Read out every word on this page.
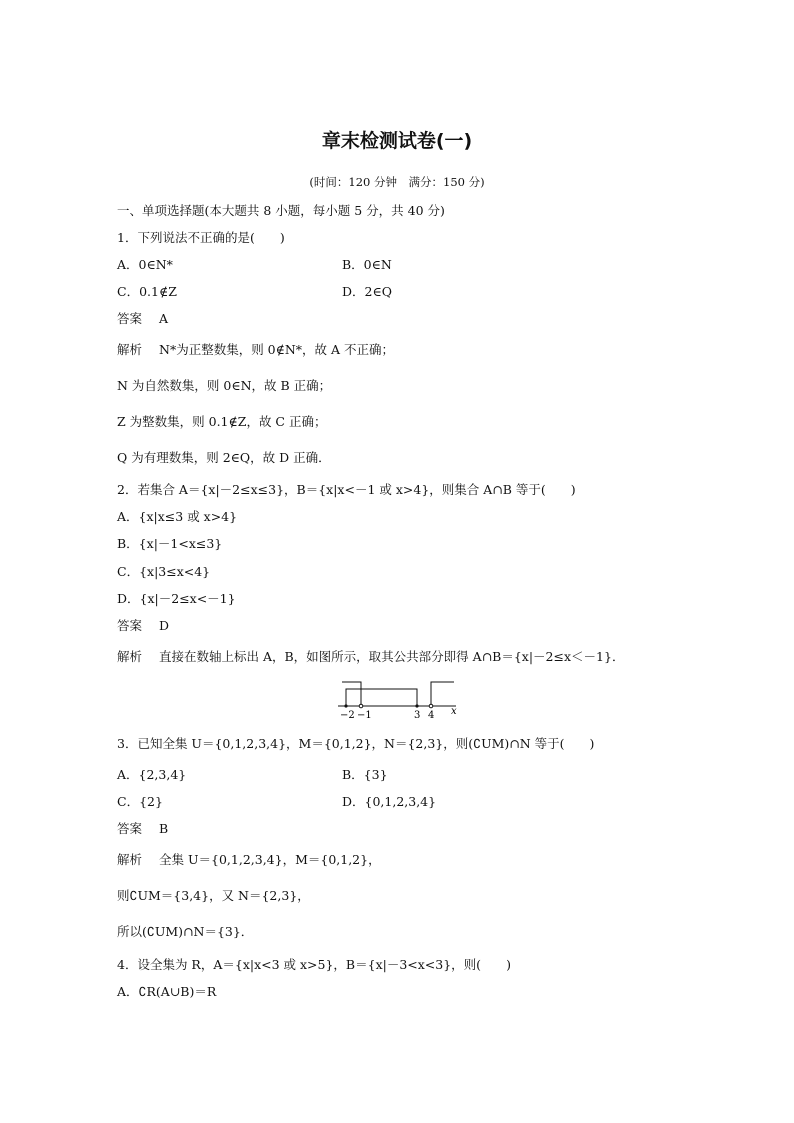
章末检测试卷(一)
(时间：120 分钟　满分：150 分)
一、单项选择题(本大题共 8 小题，每小题 5 分，共 40 分)
1．下列说法不正确的是(　　)
A．0∈N*	B．0∈N
C．0.1∉Z	D．2∈Q
答案 A
解析 N*为正整数集，则 0∉N*，故 A 不正确；
N 为自然数集，则 0∈N，故 B 正确；
Z 为整数集，则 0.1∉Z，故 C 正确；
Q 为有理数集，则 2∈Q，故 D 正确．
2．若集合 A＝{x|－2≤x≤3}，B＝{x|x<－1 或 x>4}，则集合 A∩B 等于(　　)
A．{x|x≤3 或 x>4}
B．{x|－1<x≤3}
C．{x|3≤x<4}
D．{x|－2≤x<－1}
答案 D
解析 直接在数轴上标出 A，B，如图所示，取其公共部分即得 A∩B＝{x|－2≤x＜－1}．
−2 −1	3 4 x
3．已知全集 U＝{0,1,2,3,4}，M＝{0,1,2}，N＝{2,3}，则(∁UM)∩N 等于(　　)
A．{2,3,4}	B．{3}
C．{2}	D．{0,1,2,3,4}
答案 B
解析 全集 U＝{0,1,2,3,4}，M＝{0,1,2}，
则∁UM＝{3,4}，又 N＝{2,3}，
所以(∁UM)∩N＝{3}．
4．设全集为 R，A＝{x|x<3 或 x>5}，B＝{x|－3<x<3}，则(　　)
A．∁R(A∪B)＝R
